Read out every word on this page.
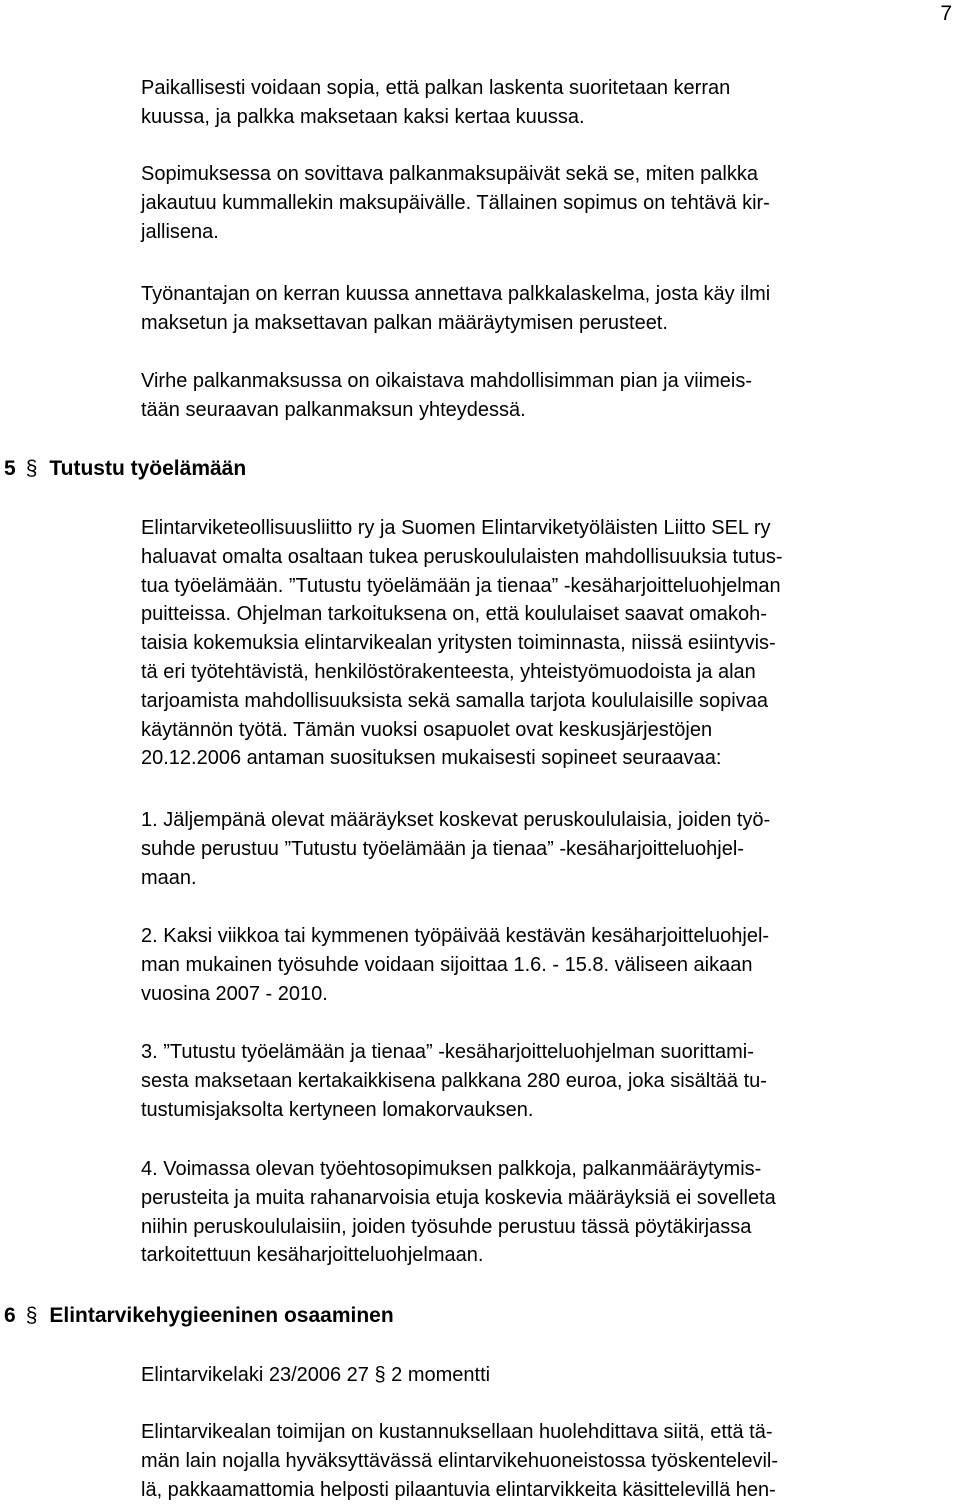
7
Paikallisesti voidaan sopia, että palkan laskenta suoritetaan kerran
kuussa, ja palkka maksetaan kaksi kertaa kuussa.
Sopimuksessa on sovittava palkanmaksupäivät sekä se, miten palkka
jakautuu kummallekin maksupäivälle. Tällainen sopimus on tehtävä kir-
jallisena.
Työnantajan on kerran kuussa annettava palkkalaskelma, josta käy ilmi
maksetun ja maksettavan palkan määräytymisen perusteet.
Virhe palkanmaksussa on oikaistava mahdollisimman pian ja viimeis-
tään seuraavan palkanmaksun yhteydessä.
5 § Tutustu työelämään
Elintarviketeollisuusliitto ry ja Suomen Elintarviketyöläisten Liitto SEL ry
haluavat omalta osaltaan tukea peruskoululaisten mahdollisuuksia tutus-
tua työelämään. ”Tutustu työelämään ja tienaa” -kesäharjoitteluohjelman
puitteissa. Ohjelman tarkoituksena on, että koululaiset saavat omakoh-
taisia kokemuksia elintarvikealan yritysten toiminnasta, niissä esiintyvis-
tä eri työtehtävistä, henkilöstörakenteesta, yhteistyömuodoista ja alan
tarjoamista mahdollisuuksista sekä samalla tarjota koululaisille sopivaa
käytännön työtä. Tämän vuoksi osapuolet ovat keskusjärjestöjen
20.12.2006 antaman suosituksen mukaisesti sopineet seuraavaa:
1. Jäljempänä olevat määräykset koskevat peruskoululaisia, joiden työ-
suhde perustuu ”Tutustu työelämään ja tienaa” -kesäharjoitteluohjel-
maan.
2. Kaksi viikkoa tai kymmenen työpäivää kestävän kesäharjoitteluohjel-
man mukainen työsuhde voidaan sijoittaa 1.6. - 15.8. väliseen aikaan
vuosina 2007 - 2010.
3. ”Tutustu työelämään ja tienaa” -kesäharjoitteluohjelman suorittami-
sesta maksetaan kertakaikkisena palkkana 280 euroa, joka sisältää tu-
tustumisjaksolta kertyneen lomakorvauksen.
4. Voimassa olevan työehtosopimuksen palkkoja, palkanmääräytymis-
perusteita ja muita rahanarvoisia etuja koskevia määräyksiä ei sovelleta
niihin peruskoululaisiin, joiden työsuhde perustuu tässä pöytäkirjassa
tarkoitettuun kesäharjoitteluohjelmaan.
6 § Elintarvikehygieeninen osaaminen
Elintarvikelaki 23/2006 27 § 2 momentti
Elintarvikealan toimijan on kustannuksellaan huolehdittava siitä, että tä-
män lain nojalla hyväksyttävässä elintarvikehuoneistossa työskentelevil-
lä, pakkaamattomia helposti pilaantuvia elintarvikkeita käsittelevillä hen-
